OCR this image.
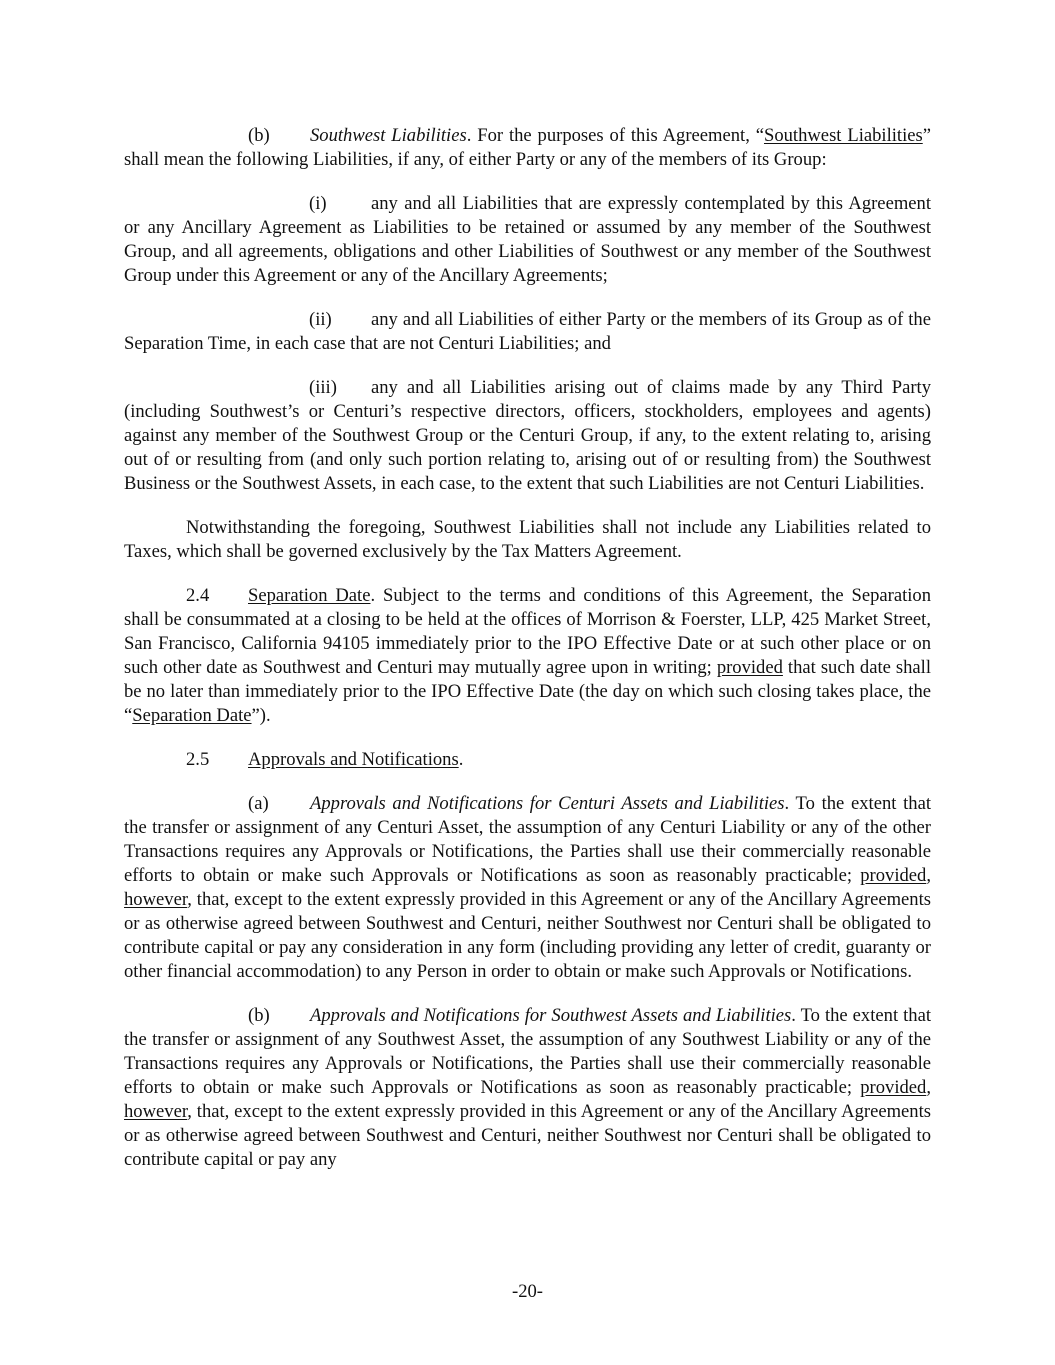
(b) Southwest Liabilities. For the purposes of this Agreement, “Southwest Liabilities” shall mean the following Liabilities, if any, of either Party or any of the members of its Group:

(i) any and all Liabilities that are expressly contemplated by this Agreement or any Ancillary Agreement as Liabilities to be retained or assumed by any member of the Southwest Group, and all agreements, obligations and other Liabilities of Southwest or any member of the Southwest Group under this Agreement or any of the Ancillary Agreements;

(ii) any and all Liabilities of either Party or the members of its Group as of the Separation Time, in each case that are not Centuri Liabilities; and

(iii) any and all Liabilities arising out of claims made by any Third Party (including Southwest’s or Centuri’s respective directors, officers, stockholders, employees and agents) against any member of the Southwest Group or the Centuri Group, if any, to the extent relating to, arising out of or resulting from (and only such portion relating to, arising out of or resulting from) the Southwest Business or the Southwest Assets, in each case, to the extent that such Liabilities are not Centuri Liabilities.

Notwithstanding the foregoing, Southwest Liabilities shall not include any Liabilities related to Taxes, which shall be governed exclusively by the Tax Matters Agreement.

2.4 Separation Date. Subject to the terms and conditions of this Agreement, the Separation shall be consummated at a closing to be held at the offices of Morrison & Foerster, LLP, 425 Market Street, San Francisco, California 94105 immediately prior to the IPO Effective Date or at such other place or on such other date as Southwest and Centuri may mutually agree upon in writing; provided that such date shall be no later than immediately prior to the IPO Effective Date (the day on which such closing takes place, the “Separation Date”).

2.5 Approvals and Notifications.

(a) Approvals and Notifications for Centuri Assets and Liabilities. To the extent that the transfer or assignment of any Centuri Asset, the assumption of any Centuri Liability or any of the other Transactions requires any Approvals or Notifications, the Parties shall use their commercially reasonable efforts to obtain or make such Approvals or Notifications as soon as reasonably practicable; provided, however, that, except to the extent expressly provided in this Agreement or any of the Ancillary Agreements or as otherwise agreed between Southwest and Centuri, neither Southwest nor Centuri shall be obligated to contribute capital or pay any consideration in any form (including providing any letter of credit, guaranty or other financial accommodation) to any Person in order to obtain or make such Approvals or Notifications.

(b) Approvals and Notifications for Southwest Assets and Liabilities. To the extent that the transfer or assignment of any Southwest Asset, the assumption of any Southwest Liability or any of the Transactions requires any Approvals or Notifications, the Parties shall use their commercially reasonable efforts to obtain or make such Approvals or Notifications as soon as reasonably practicable; provided, however, that, except to the extent expressly provided in this Agreement or any of the Ancillary Agreements or as otherwise agreed between Southwest and Centuri, neither Southwest nor Centuri shall be obligated to contribute capital or pay any

-20-
